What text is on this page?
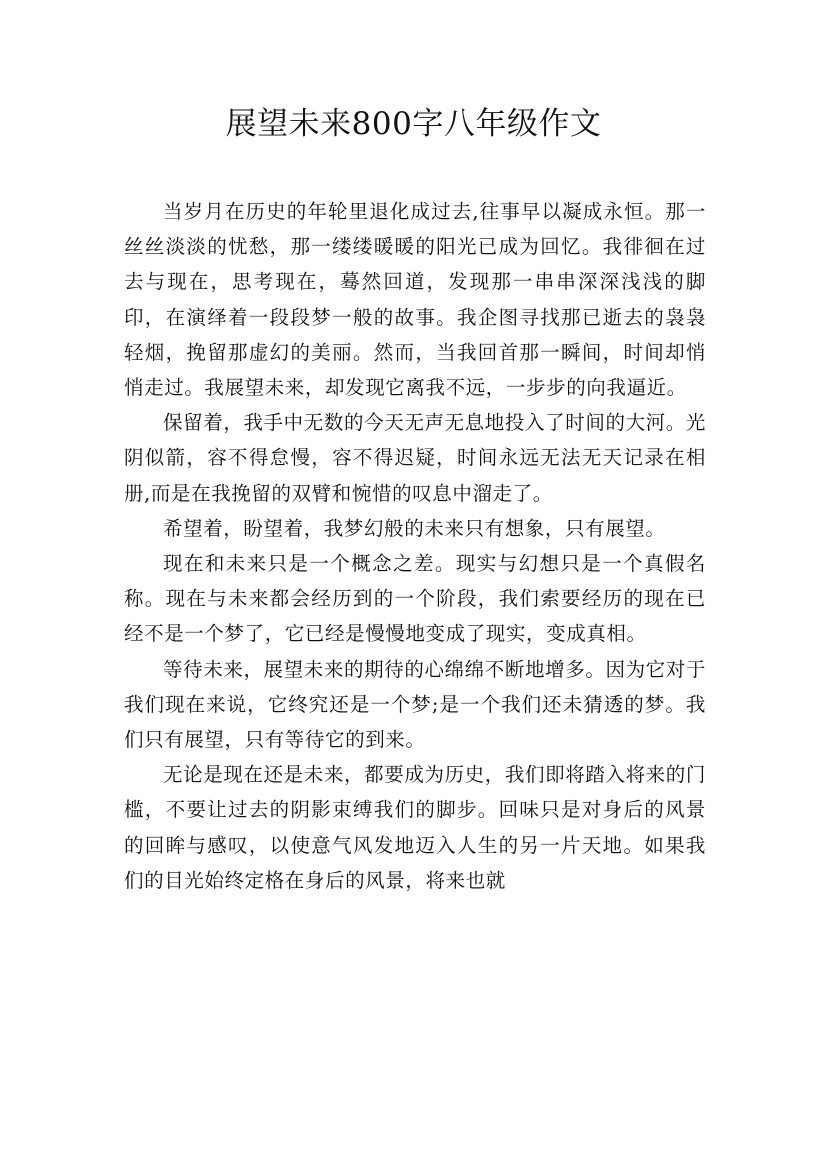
展望未来800字八年级作文

当岁月在历史的年轮里退化成过去,往事早以凝成永恒。那一丝丝淡淡的忧愁，那一缕缕暖暖的阳光已成为回忆。我徘徊在过去与现在，思考现在，蓦然回道，发现那一串串深深浅浅的脚印，在演绎着一段段梦一般的故事。我企图寻找那已逝去的袅袅轻烟，挽留那虚幻的美丽。然而，当我回首那一瞬间，时间却悄悄走过。我展望未来，却发现它离我不远，一步步的向我逼近。

保留着，我手中无数的今天无声无息地投入了时间的大河。光阴似箭，容不得怠慢，容不得迟疑，时间永远无法无天记录在相册,而是在我挽留的双臂和惋惜的叹息中溜走了。

希望着，盼望着，我梦幻般的未来只有想象，只有展望。

现在和未来只是一个概念之差。现实与幻想只是一个真假名称。现在与未来都会经历到的一个阶段，我们索要经历的现在已经不是一个梦了，它已经是慢慢地变成了现实，变成真相。

等待未来，展望未来的期待的心绵绵不断地增多。因为它对于我们现在来说，它终究还是一个梦;是一个我们还未猜透的梦。我们只有展望，只有等待它的到来。

无论是现在还是未来，都要成为历史，我们即将踏入将来的门槛，不要让过去的阴影束缚我们的脚步。回味只是对身后的风景的回眸与感叹，以使意气风发地迈入人生的另一片天地。如果我们的目光始终定格在身后的风景，将来也就
